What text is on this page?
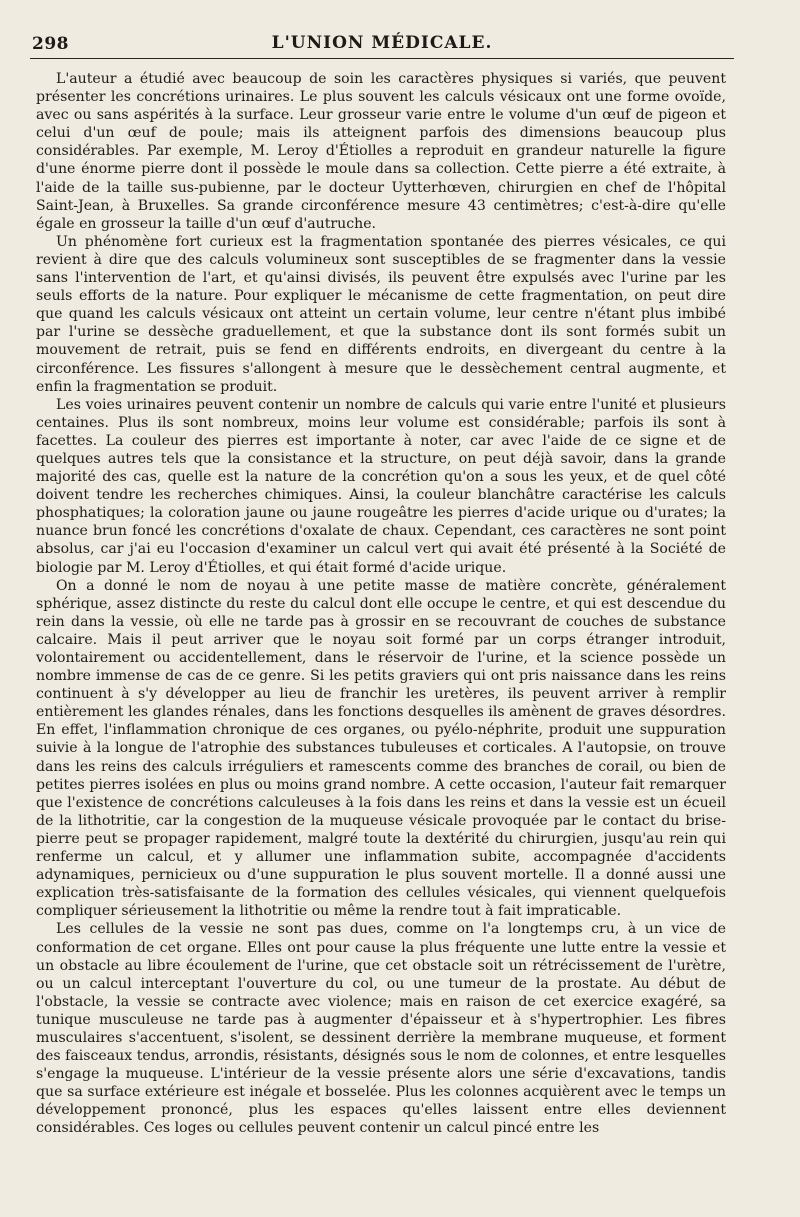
298	L'UNION MÉDICALE.

L'auteur a étudié avec beaucoup de soin les caractères physiques si variés, que peuvent présenter les concrétions urinaires. Le plus souvent les calculs vésicaux ont une forme ovoïde, avec ou sans aspérités à la surface. Leur grosseur varie entre le volume d'un œuf de pigeon et celui d'un œuf de poule; mais ils atteignent parfois des dimensions beaucoup plus considérables. Par exemple, M. Leroy d'Étiolles a reproduit en grandeur naturelle la figure d'une énorme pierre dont il possède le moule dans sa collection. Cette pierre a été extraite, à l'aide de la taille sus-pubienne, par le docteur Uytterhœven, chirurgien en chef de l'hôpital Saint-Jean, à Bruxelles. Sa grande circonférence mesure 43 centimètres; c'est-à-dire qu'elle égale en grosseur la taille d'un œuf d'autruche.

Un phénomène fort curieux est la fragmentation spontanée des pierres vésicales, ce qui revient à dire que des calculs volumineux sont susceptibles de se fragmenter dans la vessie sans l'intervention de l'art, et qu'ainsi divisés, ils peuvent être expulsés avec l'urine par les seuls efforts de la nature. Pour expliquer le mécanisme de cette fragmentation, on peut dire que quand les calculs vésicaux ont atteint un certain volume, leur centre n'étant plus imbibé par l'urine se dessèche graduellement, et que la substance dont ils sont formés subit un mouvement de retrait, puis se fend en différents endroits, en divergeant du centre à la circonférence. Les fissures s'allongent à mesure que le dessèchement central augmente, et enfin la fragmentation se produit.

Les voies urinaires peuvent contenir un nombre de calculs qui varie entre l'unité et plusieurs centaines. Plus ils sont nombreux, moins leur volume est considérable; parfois ils sont à facettes. La couleur des pierres est importante à noter, car avec l'aide de ce signe et de quelques autres tels que la consistance et la structure, on peut déjà savoir, dans la grande majorité des cas, quelle est la nature de la concrétion qu'on a sous les yeux, et de quel côté doivent tendre les recherches chimiques. Ainsi, la couleur blanchâtre caractérise les calculs phosphatiques; la coloration jaune ou jaune rougeâtre les pierres d'acide urique ou d'urates; la nuance brun foncé les concrétions d'oxalate de chaux. Cependant, ces caractères ne sont point absolus, car j'ai eu l'occasion d'examiner un calcul vert qui avait été présenté à la Société de biologie par M. Leroy d'Étiolles, et qui était formé d'acide urique.

On a donné le nom de noyau à une petite masse de matière concrète, généralement sphérique, assez distincte du reste du calcul dont elle occupe le centre, et qui est descendue du rein dans la vessie, où elle ne tarde pas à grossir en se recouvrant de couches de substance calcaire. Mais il peut arriver que le noyau soit formé par un corps étranger introduit, volontairement ou accidentellement, dans le réservoir de l'urine, et la science possède un nombre immense de cas de ce genre. Si les petits graviers qui ont pris naissance dans les reins continuent à s'y développer au lieu de franchir les uretères, ils peuvent arriver à remplir entièrement les glandes rénales, dans les fonctions desquelles ils amènent de graves désordres. En effet, l'inflammation chronique de ces organes, ou pyélo-néphrite, produit une suppuration suivie à la longue de l'atrophie des substances tubuleuses et corticales. A l'autopsie, on trouve dans les reins des calculs irréguliers et ramescents comme des branches de corail, ou bien de petites pierres isolées en plus ou moins grand nombre. A cette occasion, l'auteur fait remarquer que l'existence de concrétions calculeuses à la fois dans les reins et dans la vessie est un écueil de la lithotritie, car la congestion de la muqueuse vésicale provoquée par le contact du brise-pierre peut se propager rapidement, malgré toute la dextérité du chirurgien, jusqu'au rein qui renferme un calcul, et y allumer une inflammation subite, accompagnée d'accidents adynamiques, pernicieux ou d'une suppuration le plus souvent mortelle. Il a donné aussi une explication très-satisfaisante de la formation des cellules vésicales, qui viennent quelquefois compliquer sérieusement la lithotritie ou même la rendre tout à fait impraticable.

Les cellules de la vessie ne sont pas dues, comme on l'a longtemps cru, à un vice de conformation de cet organe. Elles ont pour cause la plus fréquente une lutte entre la vessie et un obstacle au libre écoulement de l'urine, que cet obstacle soit un rétrécissement de l'urètre, ou un calcul interceptant l'ouverture du col, ou une tumeur de la prostate. Au début de l'obstacle, la vessie se contracte avec violence; mais en raison de cet exercice exagéré, sa tunique musculeuse ne tarde pas à augmenter d'épaisseur et à s'hypertrophier. Les fibres musculaires s'accentuent, s'isolent, se dessinent derrière la membrane muqueuse, et forment des faisceaux tendus, arrondis, résistants, désignés sous le nom de colonnes, et entre lesquelles s'engage la muqueuse. L'intérieur de la vessie présente alors une série d'excavations, tandis que sa surface extérieure est inégale et bosselée. Plus les colonnes acquièrent avec le temps un développement prononcé, plus les espaces qu'elles laissent entre elles deviennent considérables. Ces loges ou cellules peuvent contenir un calcul pincé entre les
